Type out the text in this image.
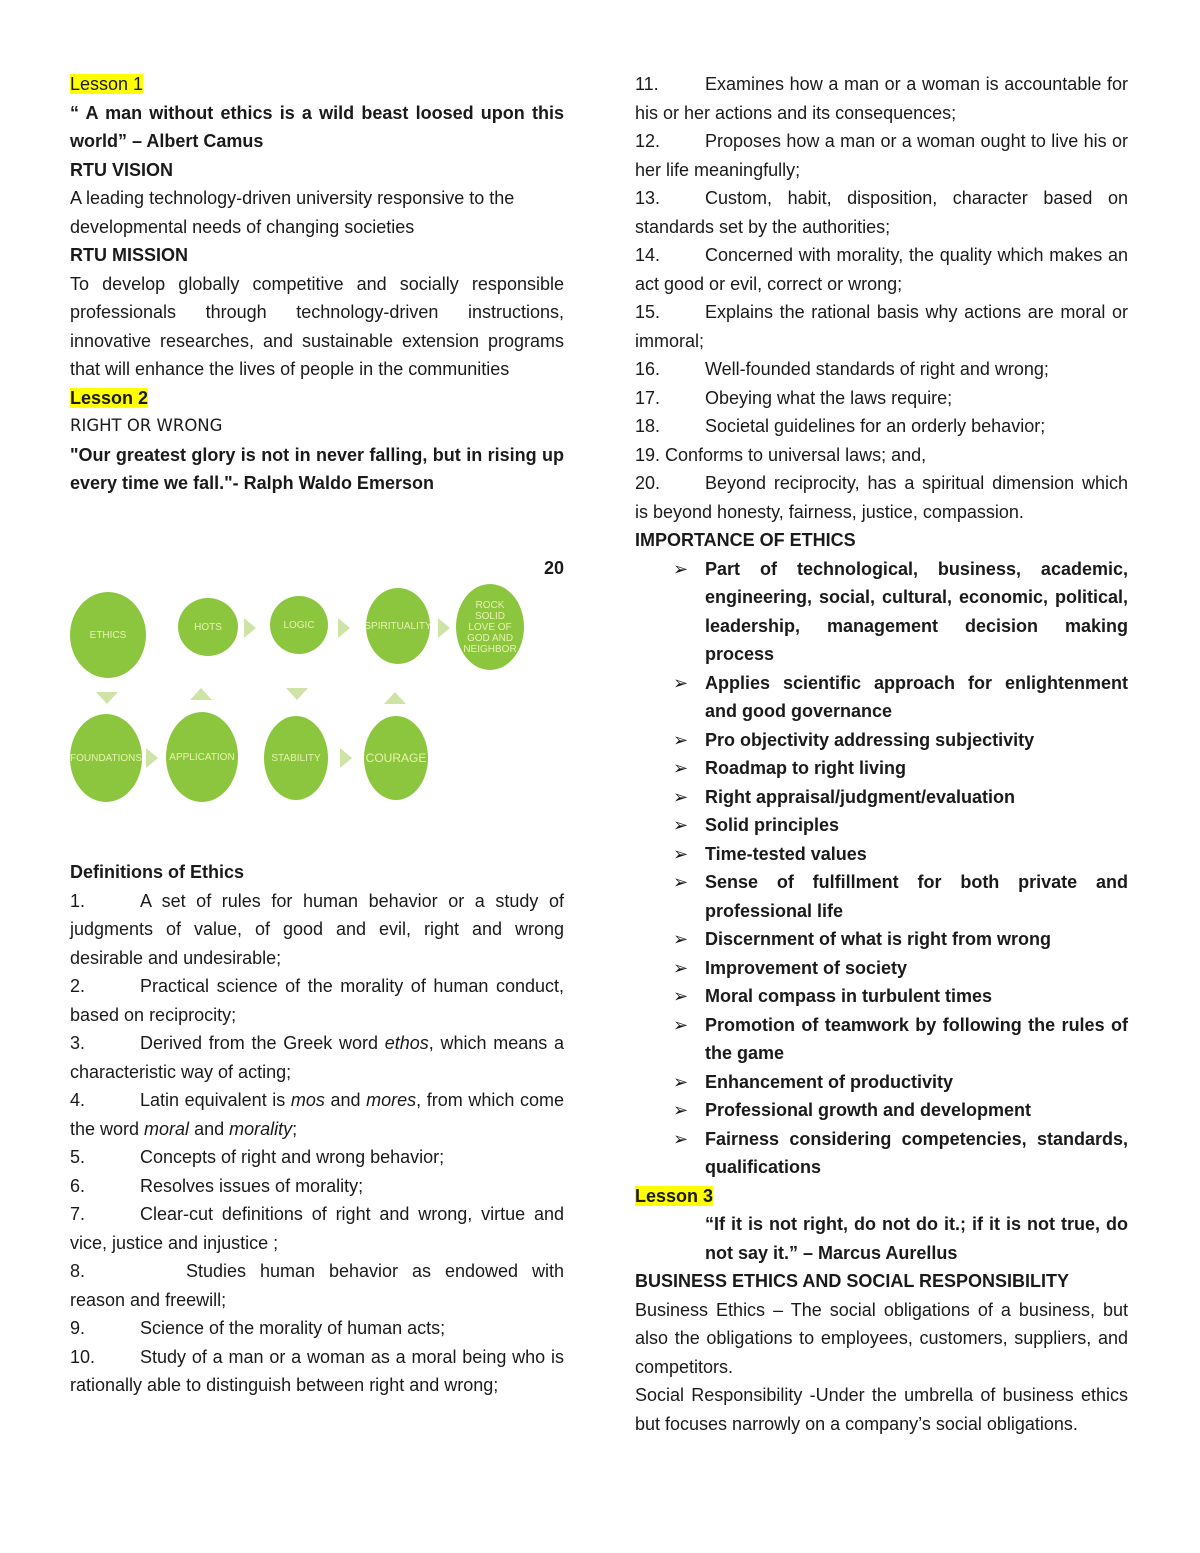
Lesson 1

“ A man without ethics is a wild beast loosed upon this world” – Albert Camus

RTU VISION

A leading technology-driven university responsive to the developmental needs of changing societies

RTU MISSION

To develop globally competitive and socially responsible professionals through technology-driven instructions, innovative researches, and sustainable extension programs that will enhance the lives of people in the communities

Lesson 2

RIGHT OR WRONG

"Our greatest glory is not in never falling, but in rising up every time we fall."- Ralph Waldo Emerson

20

ETHICS
HOTS	LOGIC	SPIRITUALITY
ROCK SOLID LOVE OF GOD AND NEIGHBOR
FOUNDATIONS	APPLICATION	STABILITY	COURAGE

Definitions of Ethics

1.	A set of rules for human behavior or a study of judgments of value, of good and evil, right and wrong desirable and undesirable;

2.	Practical science of the morality of human conduct, based on reciprocity;

3.	Derived from the Greek word ethos, which means a characteristic way of acting;

4.	Latin equivalent is mos and mores, from which come the word moral and morality;

5.	Concepts of right and wrong behavior;

6.	Resolves issues of morality;

7.	Clear-cut definitions of right and wrong, virtue and vice, justice and injustice ;

8.	Studies human behavior as endowed with reason and freewill;

9.	Science of the morality of human acts;

10. Study of a man or a woman as a moral being who is rationally able to distinguish between right and wrong;

11.	Examines how a man or a woman is accountable for his or her actions and its consequences;

12. Proposes how a man or a woman ought to live his or her life meaningfully;

13. Custom, habit, disposition, character based on standards set by the authorities;

14. Concerned with morality, the quality which makes an act good or evil, correct or wrong;

15. Explains the rational basis why actions are moral or immoral;

16. Well-founded standards of right and wrong;

17. Obeying what the laws require;

18. Societal guidelines for an orderly behavior;

19. Conforms to universal laws; and,

20. Beyond reciprocity, has a spiritual dimension which is beyond honesty, fairness, justice, compassion.

IMPORTANCE OF ETHICS

➢ Part of technological, business, academic, engineering, social, cultural, economic, political, leadership, management decision making process
➢ Applies scientific approach for enlightenment and good governance
➢ Pro objectivity addressing subjectivity
➢ Roadmap to right living
➢ Right appraisal/judgment/evaluation
➢ Solid principles
➢ Time-tested values
➢ Sense of fulfillment for both private and professional life
➢ Discernment of what is right from wrong
➢ Improvement of society
➢ Moral compass in turbulent times
➢ Promotion of teamwork by following the rules of the game
➢ Enhancement of productivity
➢ Professional growth and development
➢ Fairness considering competencies, standards, qualifications

Lesson 3

“If it is not right, do not do it.; if it is not true, do not say it.” – Marcus Aurellus

BUSINESS ETHICS AND SOCIAL RESPONSIBILITY

Business Ethics – The social obligations of a business, but also the obligations to employees, customers, suppliers, and competitors.

Social Responsibility -Under the umbrella of business ethics but focuses narrowly on a company’s social obligations.
